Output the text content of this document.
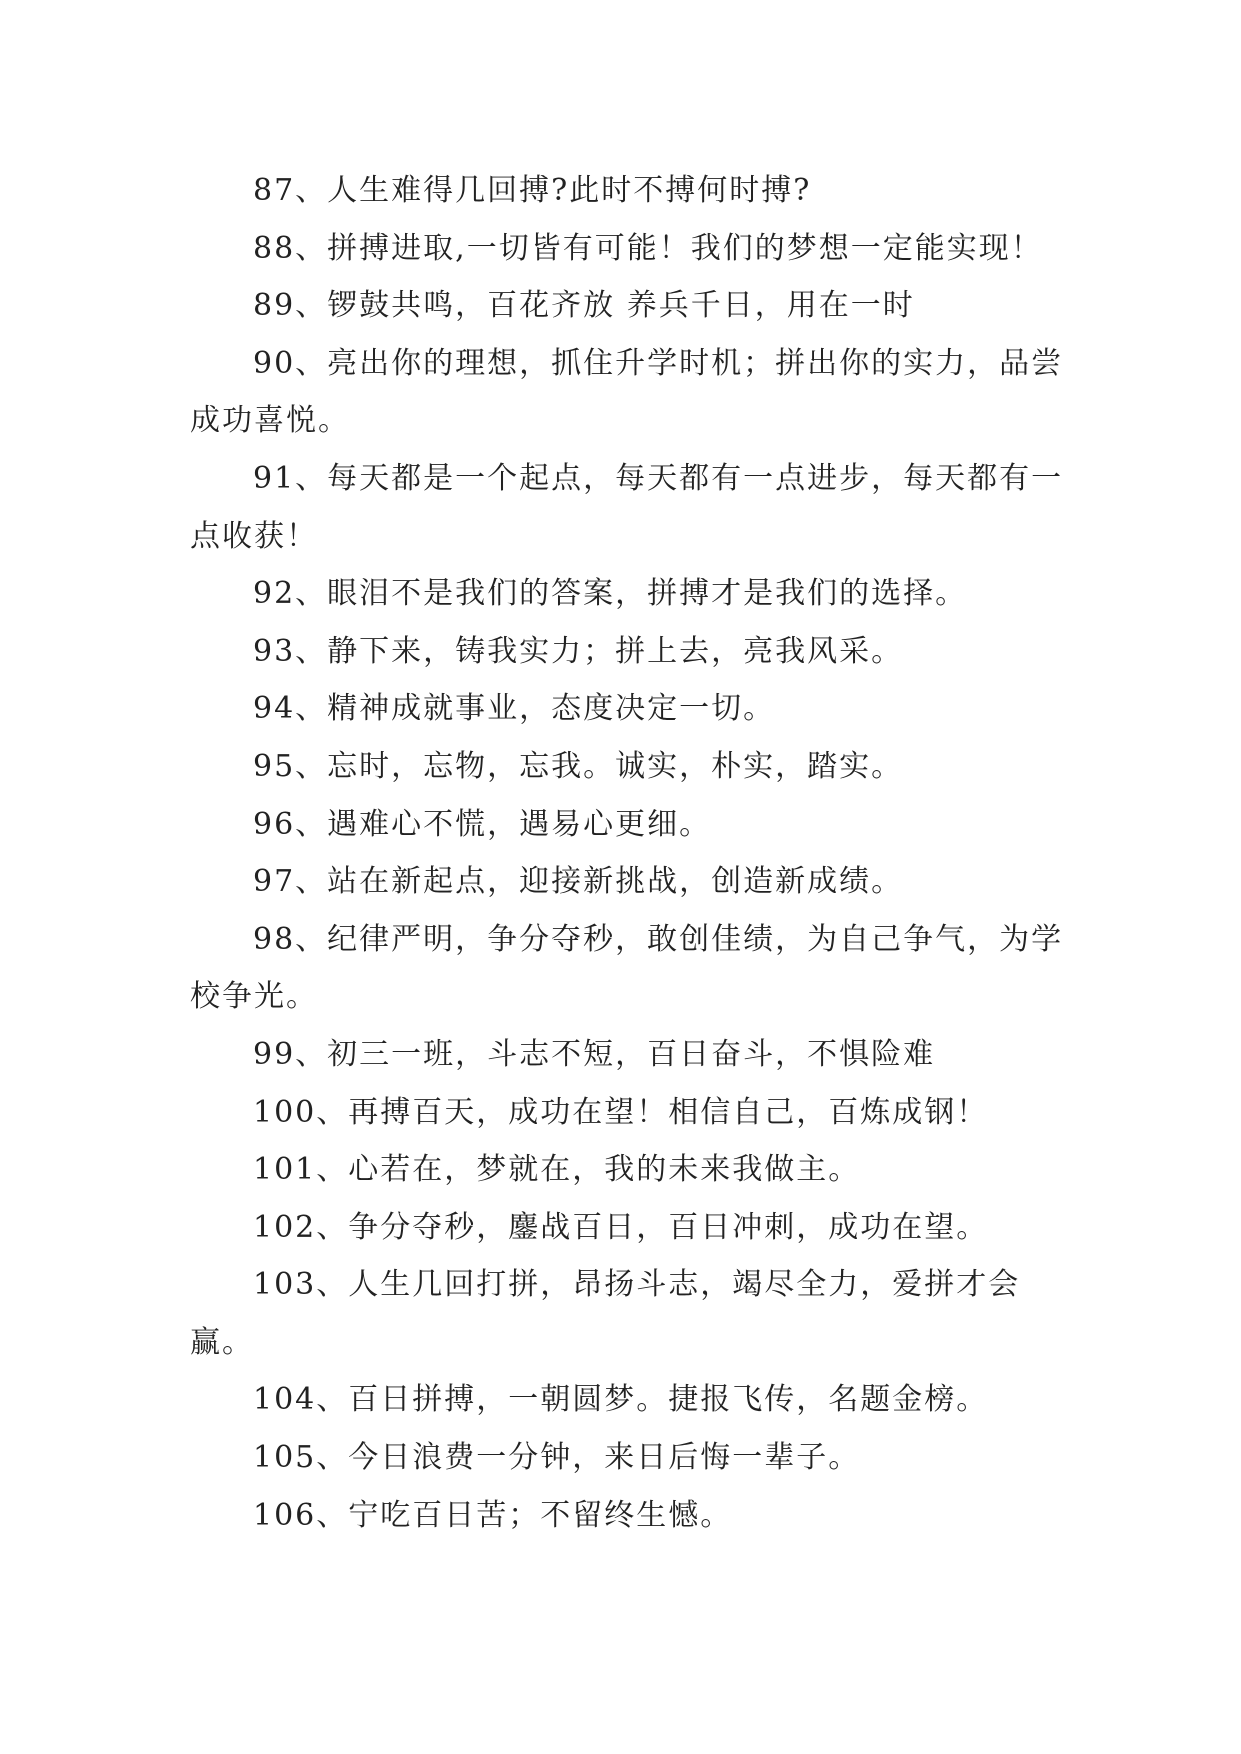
87、人生难得几回搏?此时不搏何时搏?

88、拼搏进取,一切皆有可能！我们的梦想一定能实现！

89、锣鼓共鸣，百花齐放 养兵千日，用在一时

90、亮出你的理想，抓住升学时机；拼出你的实力，品尝成功喜悦。

91、每天都是一个起点，每天都有一点进步，每天都有一点收获！

92、眼泪不是我们的答案，拼搏才是我们的选择。

93、静下来，铸我实力；拼上去，亮我风采。

94、精神成就事业，态度决定一切。

95、忘时，忘物，忘我。诚实，朴实，踏实。

96、遇难心不慌，遇易心更细。

97、站在新起点，迎接新挑战，创造新成绩。

98、纪律严明，争分夺秒，敢创佳绩，为自己争气，为学校争光。

99、初三一班，斗志不短，百日奋斗，不惧险难

100、再搏百天，成功在望！相信自己，百炼成钢！

101、心若在，梦就在，我的未来我做主。

102、争分夺秒，鏖战百日，百日冲刺，成功在望。

103、人生几回打拼，昂扬斗志，竭尽全力，爱拼才会赢。

104、百日拼搏，一朝圆梦。捷报飞传，名题金榜。

105、今日浪费一分钟，来日后悔一辈子。

106、宁吃百日苦；不留终生憾。
